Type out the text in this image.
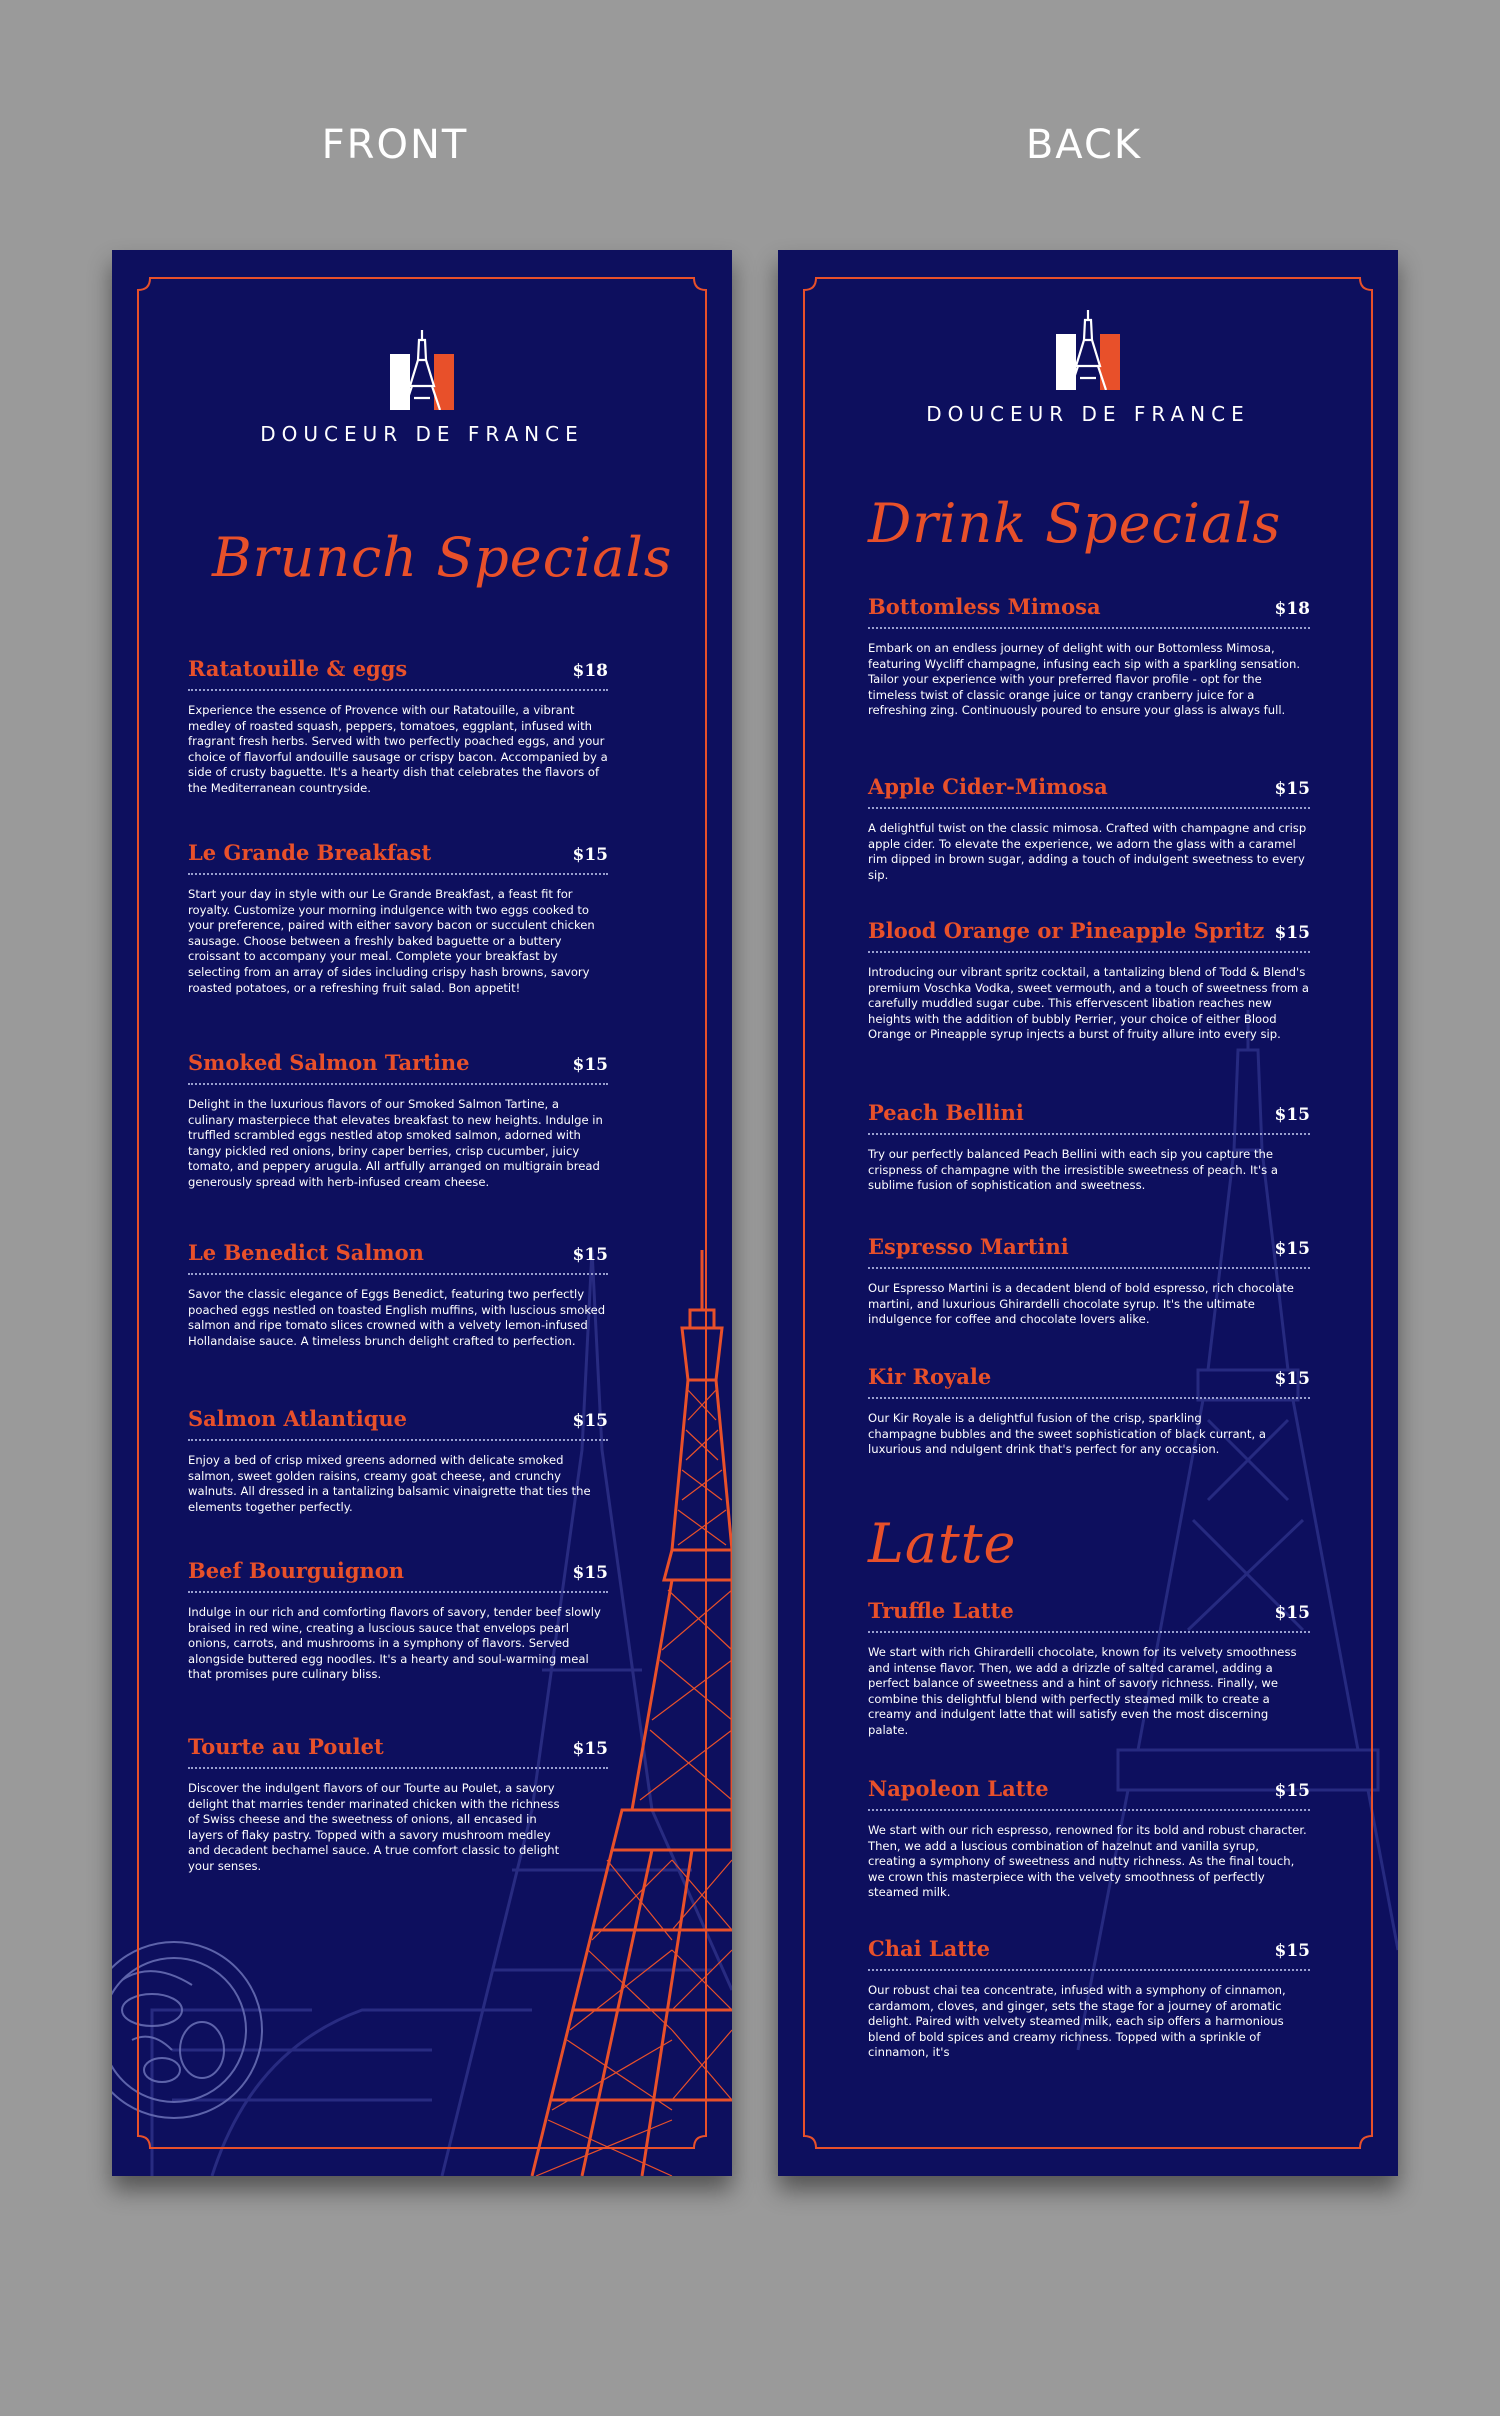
FRONT	BACK
DOUCEUR DE FRANCE
Brunch Specials
Ratatouille & eggs	$18
Experience the essence of Provence with our Ratatouille, a vibrant medley of roasted squash, peppers, tomatoes, eggplant, infused with fragrant fresh herbs. Served with two perfectly poached eggs, and your choice of flavorful andouille sausage or crispy bacon. Accompanied by a side of crusty baguette. It's a hearty dish that celebrates the flavors of the Mediterranean countryside.
Le Grande Breakfast	$15
Start your day in style with our Le Grande Breakfast, a feast fit for royalty. Customize your morning indulgence with two eggs cooked to your preference, paired with either savory bacon or succulent chicken sausage. Choose between a freshly baked baguette or a buttery croissant to accompany your meal. Complete your breakfast by selecting from an array of sides including crispy hash browns, savory roasted potatoes, or a refreshing fruit salad. Bon appetit!
Smoked Salmon Tartine	$15
Delight in the luxurious flavors of our Smoked Salmon Tartine, a culinary masterpiece that elevates breakfast to new heights. Indulge in truffled scrambled eggs nestled atop smoked salmon, adorned with tangy pickled red onions, briny caper berries, crisp cucumber, juicy tomato, and peppery arugula. All artfully arranged on multigrain bread generously spread with herb-infused cream cheese.
Le Benedict Salmon	$15
Savor the classic elegance of Eggs Benedict, featuring two perfectly poached eggs nestled on toasted English muffins, with luscious smoked salmon and ripe tomato slices crowned with a velvety lemon-infused Hollandaise sauce. A timeless brunch delight crafted to perfection.
Salmon Atlantique	$15
Enjoy a bed of crisp mixed greens adorned with delicate smoked salmon, sweet golden raisins, creamy goat cheese, and crunchy walnuts. All dressed in a tantalizing balsamic vinaigrette that ties the elements together perfectly.
Beef Bourguignon	$15
Indulge in our rich and comforting flavors of savory, tender beef slowly braised in red wine, creating a luscious sauce that envelops pearl onions, carrots, and mushrooms in a symphony of flavors. Served alongside buttered egg noodles. It's a hearty and soul-warming meal that promises pure culinary bliss.
Tourte au Poulet	$15
Discover the indulgent flavors of our Tourte au Poulet, a savory delight that marries tender marinated chicken with the richness of Swiss cheese and the sweetness of onions, all encased in layers of flaky pastry. Topped with a savory mushroom medley and decadent bechamel sauce. A true comfort classic to delight your senses.
DOUCEUR DE FRANCE
Drink Specials
Bottomless Mimosa	$18
Embark on an endless journey of delight with our Bottomless Mimosa, featuring Wycliff champagne, infusing each sip with a sparkling sensation. Tailor your experience with your preferred flavor profile - opt for the timeless twist of classic orange juice or tangy cranberry juice for a refreshing zing. Continuously poured to ensure your glass is always full.
Apple Cider-Mimosa	$15
A delightful twist on the classic mimosa. Crafted with champagne and crisp apple cider. To elevate the experience, we adorn the glass with a caramel rim dipped in brown sugar, adding a touch of indulgent sweetness to every sip.
Blood Orange or Pineapple Spritz $15
Introducing our vibrant spritz cocktail, a tantalizing blend of Todd & Blend's premium Voschka Vodka, sweet vermouth, and a touch of sweetness from a carefully muddled sugar cube. This effervescent libation reaches new heights with the addition of bubbly Perrier, your choice of either Blood Orange or Pineapple syrup injects a burst of fruity allure into every sip.
Peach Bellini	$15
Try our perfectly balanced Peach Bellini with each sip you capture the crispness of champagne with the irresistible sweetness of peach. It's a sublime fusion of sophistication and sweetness.
Espresso Martini	$15
Our Espresso Martini is a decadent blend of bold espresso, rich chocolate martini, and luxurious Ghirardelli chocolate syrup. It's the ultimate indulgence for coffee and chocolate lovers alike.
Kir Royale	$15
Our Kir Royale is a delightful fusion of the crisp, sparkling champagne bubbles and the sweet sophistication of black currant, a luxurious and ndulgent drink that's perfect for any occasion.
Latte
Truffle Latte	$15
We start with rich Ghirardelli chocolate, known for its velvety smoothness and intense flavor. Then, we add a drizzle of salted caramel, adding a perfect balance of sweetness and a hint of savory richness. Finally, we combine this delightful blend with perfectly steamed milk to create a creamy and indulgent latte that will satisfy even the most discerning palate.
Napoleon Latte	$15
We start with our rich espresso, renowned for its bold and robust character. Then, we add a luscious combination of hazelnut and vanilla syrup, creating a symphony of sweetness and nutty richness. As the final touch, we crown this masterpiece with the velvety smoothness of perfectly steamed milk.
Chai Latte	$15
Our robust chai tea concentrate, infused with a symphony of cinnamon, cardamom, cloves, and ginger, sets the stage for a journey of aromatic delight. Paired with velvety steamed milk, each sip offers a harmonious blend of bold spices and creamy richness. Topped with a sprinkle of cinnamon, it's
